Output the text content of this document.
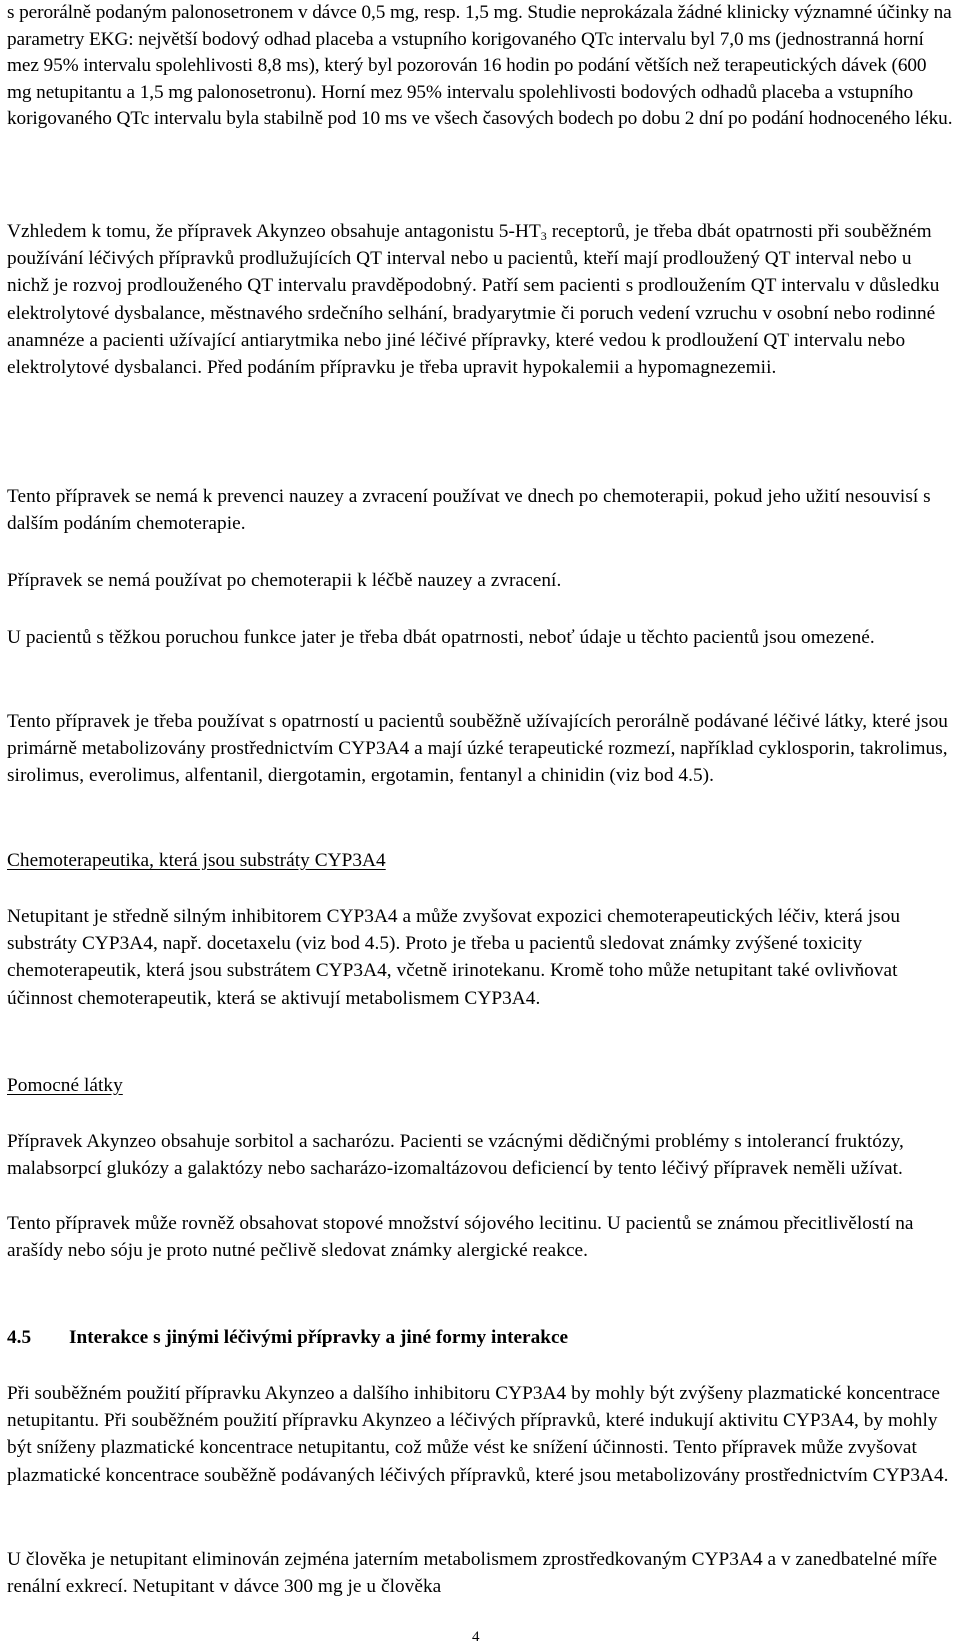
s perorálně podaným palonosetronem v dávce 0,5 mg, resp. 1,5 mg. Studie neprokázala žádné klinicky významné účinky na parametry EKG: největší bodový odhad placeba a vstupního korigovaného QTc intervalu byl 7,0 ms (jednostranná horní mez 95% intervalu spolehlivosti 8,8 ms), který byl pozorován 16 hodin po podání větších než terapeutických dávek (600 mg netupitantu a 1,5 mg palonosetronu). Horní mez 95% intervalu spolehlivosti bodových odhadů placeba a vstupního korigovaného QTc intervalu byla stabilně pod 10 ms ve všech časových bodech po dobu 2 dní po podání hodnoceného léku.

Vzhledem k tomu, že přípravek Akynzeo obsahuje antagonistu $5-HT_3$ receptorů, je třeba dbát opatrnosti při souběžném používání léčivých přípravků prodlužujících QT interval nebo u pacientů, kteří mají prodloužený QT interval nebo u nichž je rozvoj prodlouženého QT intervalu pravděpodobný. Patří sem pacienti s prodloužením QT intervalu v důsledku elektrolytové dysbalance, městnavého srdečního selhání, bradyarytmie či poruch vedení vzruchu v osobní nebo rodinné anamnéze a pacienti užívající antiarytmika nebo jiné léčivé přípravky, které vedou k prodloužení QT intervalu nebo elektrolytové dysbalanci. Před podáním přípravku je třeba upravit hypokalemii a hypomagnezemii.

Tento přípravek se nemá k prevenci nauzey a zvracení používat ve dnech po chemoterapii, pokud jeho užití nesouvisí s dalším podáním chemoterapie.

Přípravek se nemá používat po chemoterapii k léčbě nauzey a zvracení.

U pacientů s těžkou poruchou funkce jater je třeba dbát opatrnosti, neboť údaje u těchto pacientů jsou omezené.

Tento přípravek je třeba používat s opatrností u pacientů souběžně užívajících perorálně podávané léčivé látky, které jsou primárně metabolizovány prostřednictvím CYP3A4 a mají úzké terapeutické rozmezí, například cyklosporin, takrolimus, sirolimus, everolimus, alfentanil, diergotamin, ergotamin, fentanyl a chinidin (viz bod 4.5).

Chemoterapeutika, která jsou substráty CYP3A4

Netupitant je středně silným inhibitorem CYP3A4 a může zvyšovat expozici chemoterapeutických léčiv, která jsou substráty CYP3A4, např. docetaxelu (viz bod 4.5). Proto je třeba u pacientů sledovat známky zvýšené toxicity chemoterapeutik, která jsou substrátem CYP3A4, včetně irinotekanu. Kromě toho může netupitant také ovlivňovat účinnost chemoterapeutik, která se aktivují metabolismem CYP3A4.

Pomocné látky

Přípravek Akynzeo obsahuje sorbitol a sacharózu. Pacienti se vzácnými dědičnými problémy s intolerancí fruktózy, malabsorpcí glukózy a galaktózy nebo sacharázo-izomaltázovou deficiencí by tento léčivý přípravek neměli užívat.

Tento přípravek může rovněž obsahovat stopové množství sójového lecitinu. U pacientů se známou přecitlivělostí na arašídy nebo sóju je proto nutné pečlivě sledovat známky alergické reakce.

4.5	Interakce s jinými léčivými přípravky a jiné formy interakce

Při souběžném použití přípravku Akynzeo a dalšího inhibitoru CYP3A4 by mohly být zvýšeny plazmatické koncentrace netupitantu. Při souběžném použití přípravku Akynzeo a léčivých přípravků, které indukují aktivitu CYP3A4, by mohly být sníženy plazmatické koncentrace netupitantu, což může vést ke snížení účinnosti. Tento přípravek může zvyšovat plazmatické koncentrace souběžně podávaných léčivých přípravků, které jsou metabolizovány prostřednictvím CYP3A4.

U člověka je netupitant eliminován zejména jaterním metabolismem zprostředkovaným CYP3A4 a v zanedbatelné míře renální exkrecí. Netupitant v dávce 300 mg je u člověka

4
